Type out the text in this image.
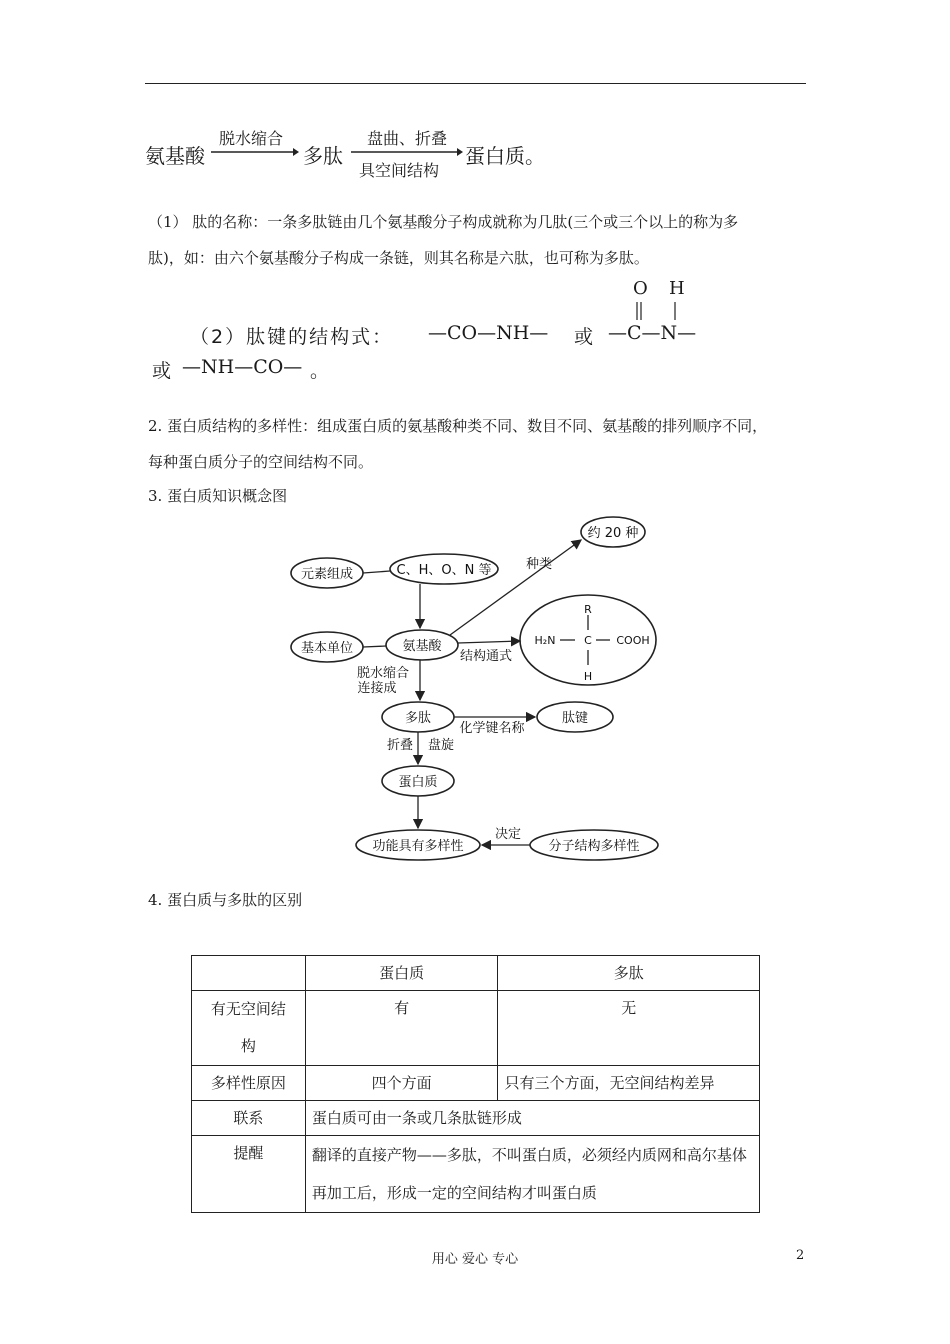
氨基酸
脱水缩合
多肽
盘曲、折叠
具空间结构
蛋白质。
（1） 肽的名称：一条多肽链由几个氨基酸分子构成就称为几肽(三个或三个以上的称为多
肽)，如：由六个氨基酸分子构成一条链，则其名称是六肽，也可称为多肽。
（2）肽键的结构式： —CO—NH— 或
O H
—C—N—
或 —NH—CO— 。
2. 蛋白质结构的多样性：组成蛋白质的氨基酸种类不同、数目不同、氨基酸的排列顺序不同，
每种蛋白质分子的空间结构不同。
3. 蛋白质知识概念图
元素组成	C、H、O、N 等	种类
约 20 种
基本单位	氨基酸
结构通式
R
H₂N	C COOH
H
脱水缩合
连接成
多肽
化学键名称
肽键
折叠 盘旋
蛋白质
功能具有多样性
决定
分子结构多样性
4. 蛋白质与多肽的区别
	蛋白质	多肽
有无空间结构	有	无
多样性原因	四个方面	只有三个方面，无空间结构差异
联系	蛋白质可由一条或几条肽链形成	
提醒	翻译的直接产物——多肽，不叫蛋白质，必须经内质网和高尔基体再加工后，形成一定的空间结构才叫蛋白质	
用心 爱心 专心	2
